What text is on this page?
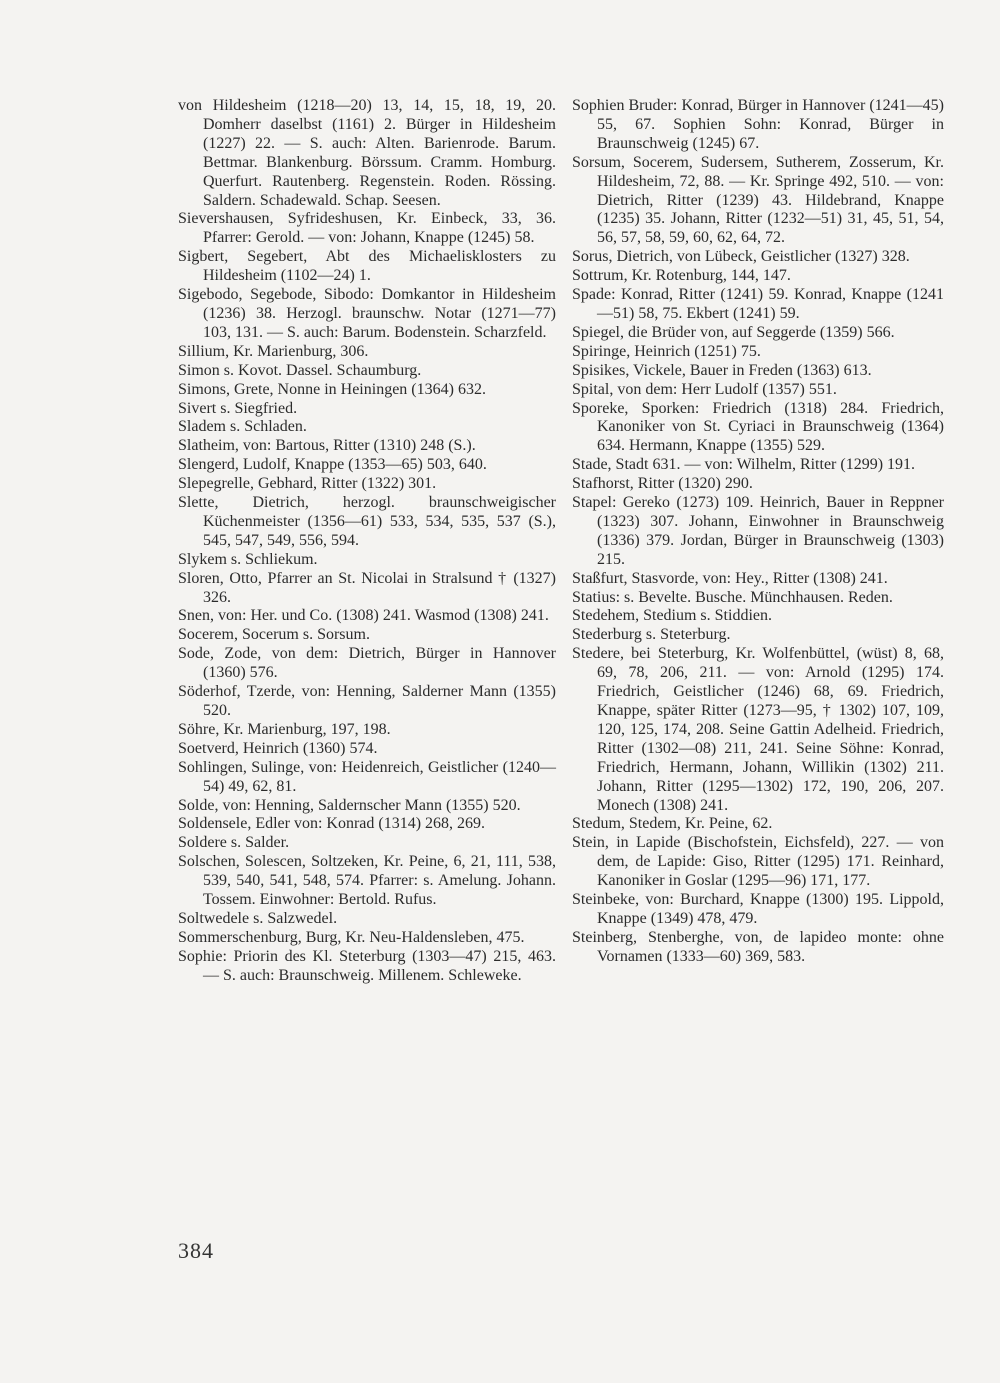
von Hildesheim (1218—20) 13, 14, 15, 18, 19, 20. Domherr daselbst (1161) 2. Bürger in Hildesheim (1227) 22. — S. auch: Alten. Barienrode. Barum. Bettmar. Blankenburg. Börssum. Cramm. Homburg. Querfurt. Rautenberg. Regenstein. Roden. Rössing. Saldern. Schadewald. Schap. Seesen.

Sievershausen, Syfrideshusen, Kr. Einbeck, 33, 36. Pfarrer: Gerold. — von: Johann, Knappe (1245) 58.

Sigbert, Segebert, Abt des Michaelisklosters zu Hildesheim (1102—24) 1.

Sigebodo, Segebode, Sibodo: Domkantor in Hildesheim (1236) 38. Herzogl. braunschw. Notar (1271—77) 103, 131. — S. auch: Barum. Bodenstein. Scharzfeld.

Sillium, Kr. Marienburg, 306.

Simon s. Kovot. Dassel. Schaumburg.

Simons, Grete, Nonne in Heiningen (1364) 632.

Sivert s. Siegfried.

Sladem s. Schladen.

Slatheim, von: Bartous, Ritter (1310) 248 (S.).

Slengerd, Ludolf, Knappe (1353—65) 503, 640.

Slepegrelle, Gebhard, Ritter (1322) 301.

Slette, Dietrich, herzogl. braunschweigischer Küchenmeister (1356—61) 533, 534, 535, 537 (S.), 545, 547, 549, 556, 594.

Slykem s. Schliekum.

Sloren, Otto, Pfarrer an St. Nicolai in Stralsund † (1327) 326.

Snen, von: Her. und Co. (1308) 241. Wasmod (1308) 241.

Socerem, Socerum s. Sorsum.

Sode, Zode, von dem: Dietrich, Bürger in Hannover (1360) 576.

Söderhof, Tzerde, von: Henning, Salderner Mann (1355) 520.

Söhre, Kr. Marienburg, 197, 198.

Soetverd, Heinrich (1360) 574.

Sohlingen, Sulinge, von: Heidenreich, Geistlicher (1240—54) 49, 62, 81.

Solde, von: Henning, Saldernscher Mann (1355) 520.

Soldensele, Edler von: Konrad (1314) 268, 269.

Soldere s. Salder.

Solschen, Solescen, Soltzeken, Kr. Peine, 6, 21, 111, 538, 539, 540, 541, 548, 574. Pfarrer: s. Amelung. Johann. Tossem. Einwohner: Bertold. Rufus.

Soltwedele s. Salzwedel.

Sommerschenburg, Burg, Kr. Neu-Haldensleben, 475.

Sophie: Priorin des Kl. Steterburg (1303—47) 215, 463. — S. auch: Braunschweig. Millenem. Schleweke.

Sophien Bruder: Konrad, Bürger in Hannover (1241—45) 55, 67. Sophien Sohn: Konrad, Bürger in Braunschweig (1245) 67.

Sorsum, Socerem, Sudersem, Sutherem, Zosserum, Kr. Hildesheim, 72, 88. — Kr. Springe 492, 510. — von: Dietrich, Ritter (1239) 43. Hildebrand, Knappe (1235) 35. Johann, Ritter (1232—51) 31, 45, 51, 54, 56, 57, 58, 59, 60, 62, 64, 72.

Sorus, Dietrich, von Lübeck, Geistlicher (1327) 328.

Sottrum, Kr. Rotenburg, 144, 147.

Spade: Konrad, Ritter (1241) 59. Konrad, Knappe (1241—51) 58, 75. Ekbert (1241) 59.

Spiegel, die Brüder von, auf Seggerde (1359) 566.

Spiringe, Heinrich (1251) 75.

Spisikes, Vickele, Bauer in Freden (1363) 613.

Spital, von dem: Herr Ludolf (1357) 551.

Sporeke, Sporken: Friedrich (1318) 284. Friedrich, Kanoniker von St. Cyriaci in Braunschweig (1364) 634. Hermann, Knappe (1355) 529.

Stade, Stadt 631. — von: Wilhelm, Ritter (1299) 191.

Stafhorst, Ritter (1320) 290.

Stapel: Gereko (1273) 109. Heinrich, Bauer in Reppner (1323) 307. Johann, Einwohner in Braunschweig (1336) 379. Jordan, Bürger in Braunschweig (1303) 215.

Staßfurt, Stasvorde, von: Hey., Ritter (1308) 241.

Statius: s. Bevelte. Busche. Münchhausen. Reden.

Stedehem, Stedium s. Stiddien.

Stederburg s. Steterburg.

Stedere, bei Steterburg, Kr. Wolfenbüttel, (wüst) 8, 68, 69, 78, 206, 211. — von: Arnold (1295) 174. Friedrich, Geistlicher (1246) 68, 69. Friedrich, Knappe, später Ritter (1273—95, † 1302) 107, 109, 120, 125, 174, 208. Seine Gattin Adelheid. Friedrich, Ritter (1302—08) 211, 241. Seine Söhne: Konrad, Friedrich, Hermann, Johann, Willikin (1302) 211. Johann, Ritter (1295—1302) 172, 190, 206, 207. Monech (1308) 241.

Stedum, Stedem, Kr. Peine, 62.

Stein, in Lapide (Bischofstein, Eichsfeld), 227. — von dem, de Lapide: Giso, Ritter (1295) 171. Reinhard, Kanoniker in Goslar (1295—96) 171, 177.

Steinbeke, von: Burchard, Knappe (1300) 195. Lippold, Knappe (1349) 478, 479.

Steinberg, Stenberghe, von, de lapideo monte: ohne Vornamen (1333—60) 369, 583.

384
